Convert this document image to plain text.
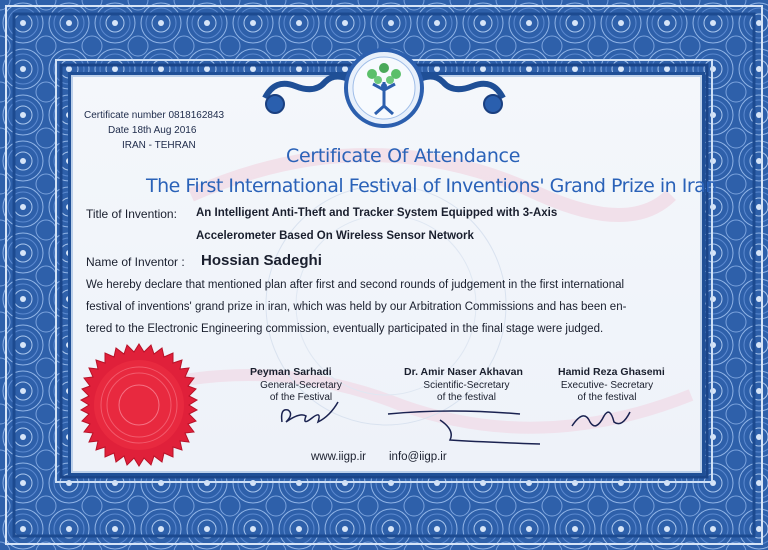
Certificate number 0818162843
Date 18th Aug 2016
IRAN - TEHRAN	Certificate Of Attendance
The First International Festival of Inventions' Grand Prize in Iran
Title of Invention: An Intelligent Anti-Theft and Tracker System Equipped with 3-Axis
Accelerometer Based On Wireless Sensor Network
Name of Inventor : Hossian Sadeghi
We hereby declare that mentioned plan after first and second rounds of judgement in the first international
festival of inventions' grand prize in iran, which was held by our Arbitration Commissions and has been en-
tered to the Electronic Engineering commission, eventually participated in the final stage were judged.
Peyman Sarhadi
General-Secretary
of the Festival
Dr. Amir Naser Akhavan
Scientific-Secretary
of the festival
Hamid Reza Ghasemi
Executive- Secretary
of the festival
www.iigp.ir info@iigp.ir
